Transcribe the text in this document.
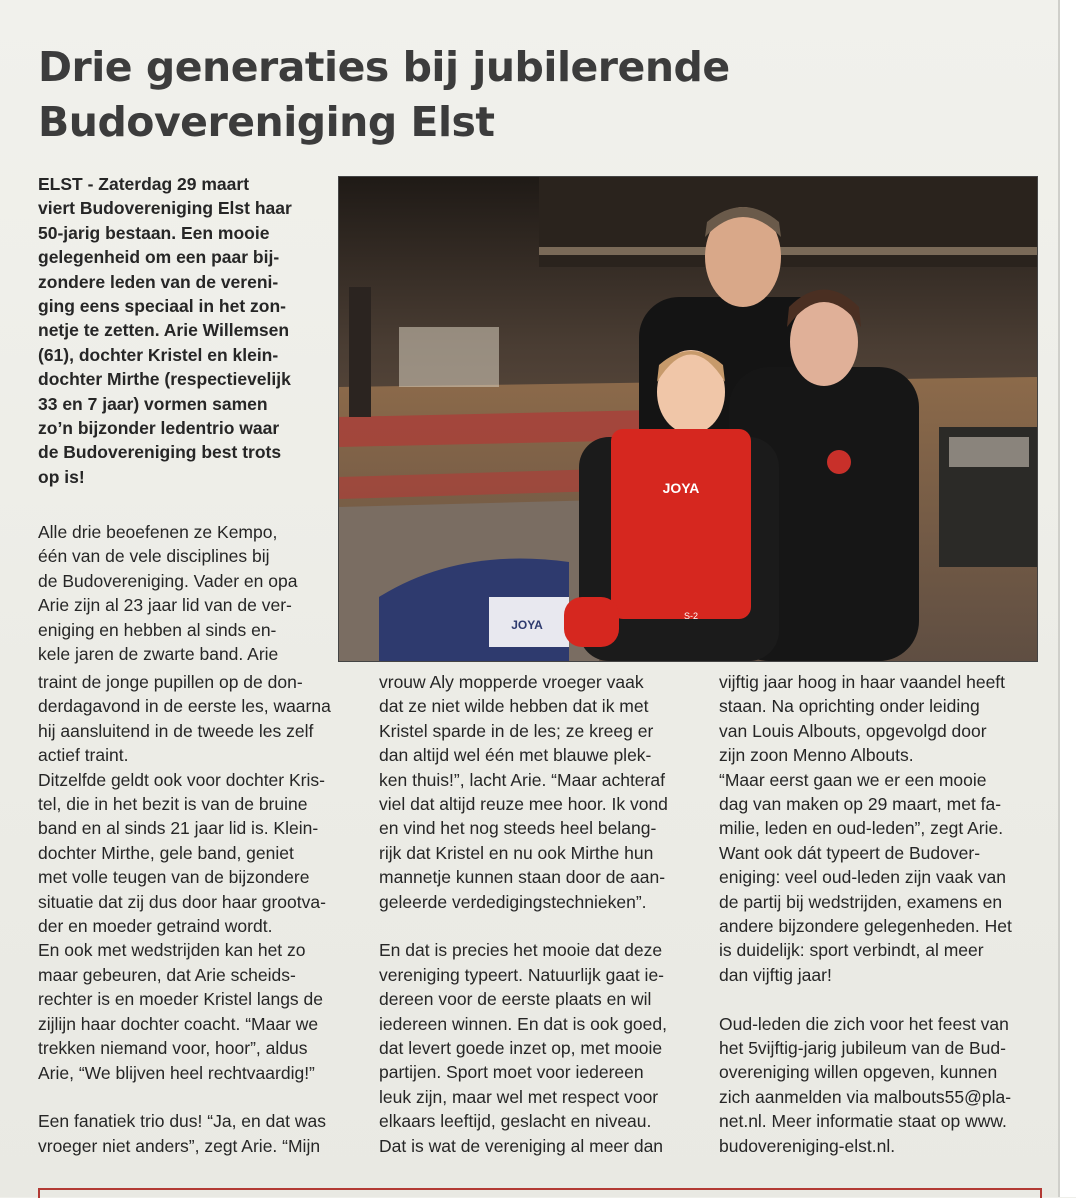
Drie generaties bij jubilerende
Budovereniging Elst

ELST - Zaterdag 29 maart

viert Budovereniging Elst haar

50-jarig bestaan. Een mooie

gelegenheid om een paar bij-

zondere leden van de vereni-

ging eens speciaal in het zon-

netje te zetten. Arie Willemsen

(61), dochter Kristel en klein-

dochter Mirthe (respectievelijk

33 en 7 jaar) vormen samen

zo’n bijzonder ledentrio waar

de Budovereniging best trots

op is!

Alle drie beoefenen ze Kempo,

één van de vele disciplines bij

de Budovereniging. Vader en opa

Arie zijn al 23 jaar lid van de ver-

eniging en hebben al sinds en-

kele jaren de zwarte band. Arie

traint de jonge pupillen op de don-

derdagavond in de eerste les, waarna

hij aansluitend in de tweede les zelf

actief traint.

Ditzelfde geldt ook voor dochter Kris-

tel, die in het bezit is van de bruine

band en al sinds 21 jaar lid is. Klein-

dochter Mirthe, gele band, geniet

met volle teugen van de bijzondere

situatie dat zij dus door haar grootva-

der en moeder getraind wordt.

En ook met wedstrijden kan het zo

maar gebeuren, dat Arie scheids-

rechter is en moeder Kristel langs de

zijlijn haar dochter coacht. “Maar we

trekken niemand voor, hoor”, aldus

Arie, “We blijven heel rechtvaardig!”

Een fanatiek trio dus! “Ja, en dat was

vroeger niet anders”, zegt Arie. “Mijn

vrouw Aly mopperde vroeger vaak

dat ze niet wilde hebben dat ik met

Kristel sparde in de les; ze kreeg er

dan altijd wel één met blauwe plek-

ken thuis!”, lacht Arie. “Maar achteraf

viel dat altijd reuze mee hoor. Ik vond

en vind het nog steeds heel belang-

rijk dat Kristel en nu ook Mirthe hun

mannetje kunnen staan door de aan-

geleerde verdedigingstechnieken”.

En dat is precies het mooie dat deze

vereniging typeert. Natuurlijk gaat ie-

dereen voor de eerste plaats en wil

iedereen winnen. En dat is ook goed,

dat levert goede inzet op, met mooie

partijen. Sport moet voor iedereen

leuk zijn, maar wel met respect voor

elkaars leeftijd, geslacht en niveau.

Dat is wat de vereniging al meer dan

vijftig jaar hoog in haar vaandel heeft

staan. Na oprichting onder leiding

van Louis Albouts, opgevolgd door

zijn zoon Menno Albouts.

“Maar eerst gaan we er een mooie

dag van maken op 29 maart, met fa-

milie, leden en oud-leden”, zegt Arie.

Want ook dát typeert de Budover-

eniging: veel oud-leden zijn vaak van

de partij bij wedstrijden, examens en

andere bijzondere gelegenheden. Het

is duidelijk: sport verbindt, al meer

dan vijftig jaar!

Oud-leden die zich voor het feest van

het 5vijftig-jarig jubileum van de Bud-

overeniging willen opgeven, kunnen

zich aanmelden via malbouts55@pla-

net.nl. Meer informatie staat op www.

budovereniging-elst.nl.

JOYA
JOYA
S-2
